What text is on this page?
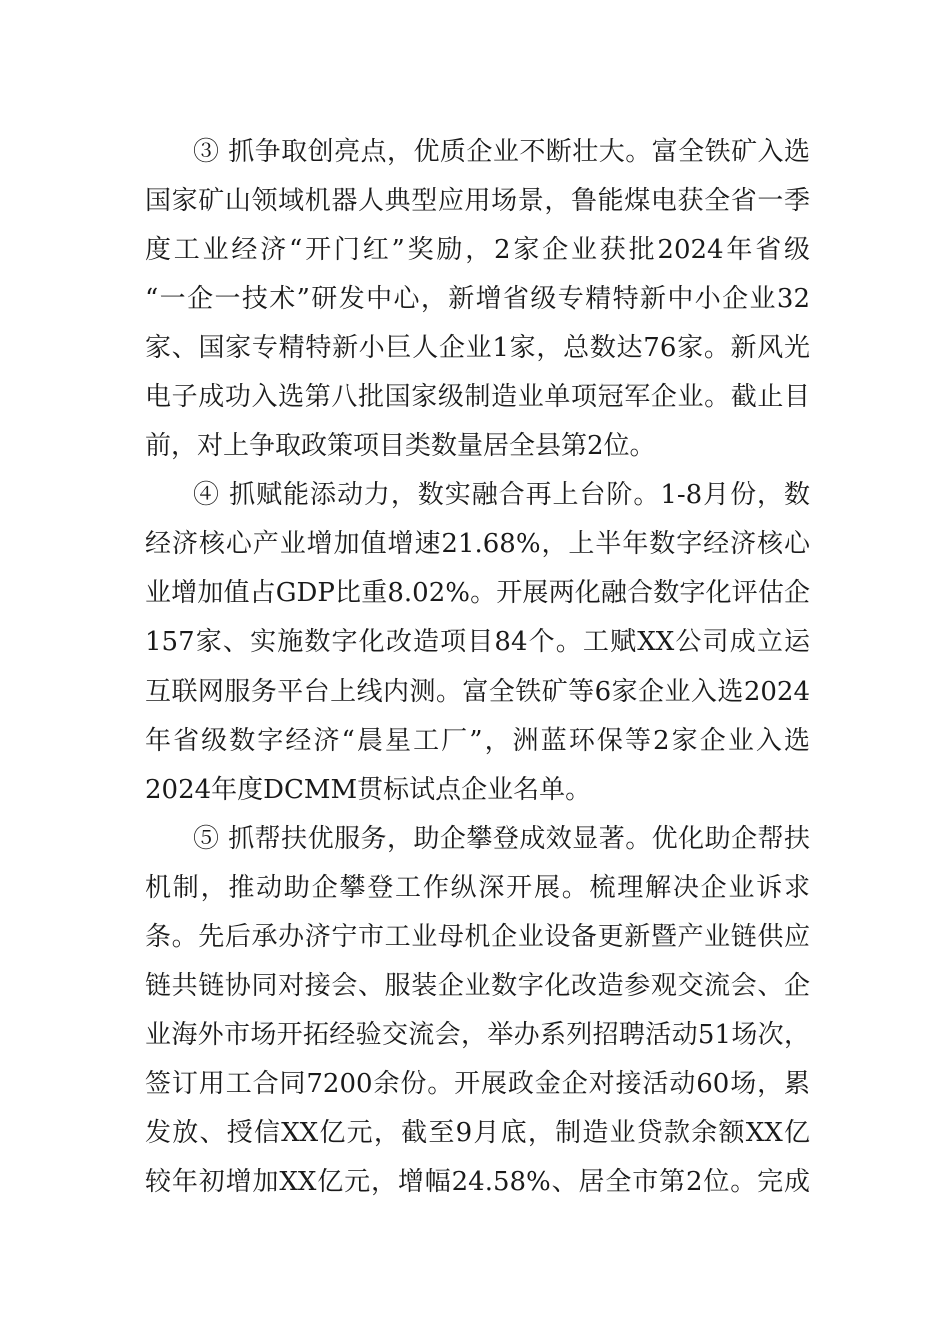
③ 抓争取创亮点，优质企业不断壮大。富全铁矿入选
国家矿山领域机器人典型应用场景，鲁能煤电获全省一季
度工业经济“开门红”奖励，2家企业获批2024年省级
“一企一技术”研发中心，新增省级专精特新中小企业32
家、国家专精特新小巨人企业1家，总数达76家。新风光
电子成功入选第八批国家级制造业单项冠军企业。截止目
前，对上争取政策项目类数量居全县第2位。
④ 抓赋能添动力，数实融合再上台阶。1-8月份，数
经济核心产业增加值增速21.68%，上半年数字经济核心
业增加值占GDP比重8.02%。开展两化融合数字化评估企
157家、实施数字化改造项目84个。工赋XX公司成立运
互联网服务平台上线内测。富全铁矿等6家企业入选2024
年省级数字经济“晨星工厂”，洲蓝环保等2家企业入选
2024年度DCMM贯标试点企业名单。
⑤ 抓帮扶优服务，助企攀登成效显著。优化助企帮扶
机制，推动助企攀登工作纵深开展。梳理解决企业诉求
条。先后承办济宁市工业母机企业设备更新暨产业链供应
链共链协同对接会、服装企业数字化改造参观交流会、企
业海外市场开拓经验交流会，举办系列招聘活动51场次，
签订用工合同7200余份。开展政金企对接活动60场，累
发放、授信XX亿元，截至9月底，制造业贷款余额XX亿
较年初增加XX亿元，增幅24.58%、居全市第2位。完成
